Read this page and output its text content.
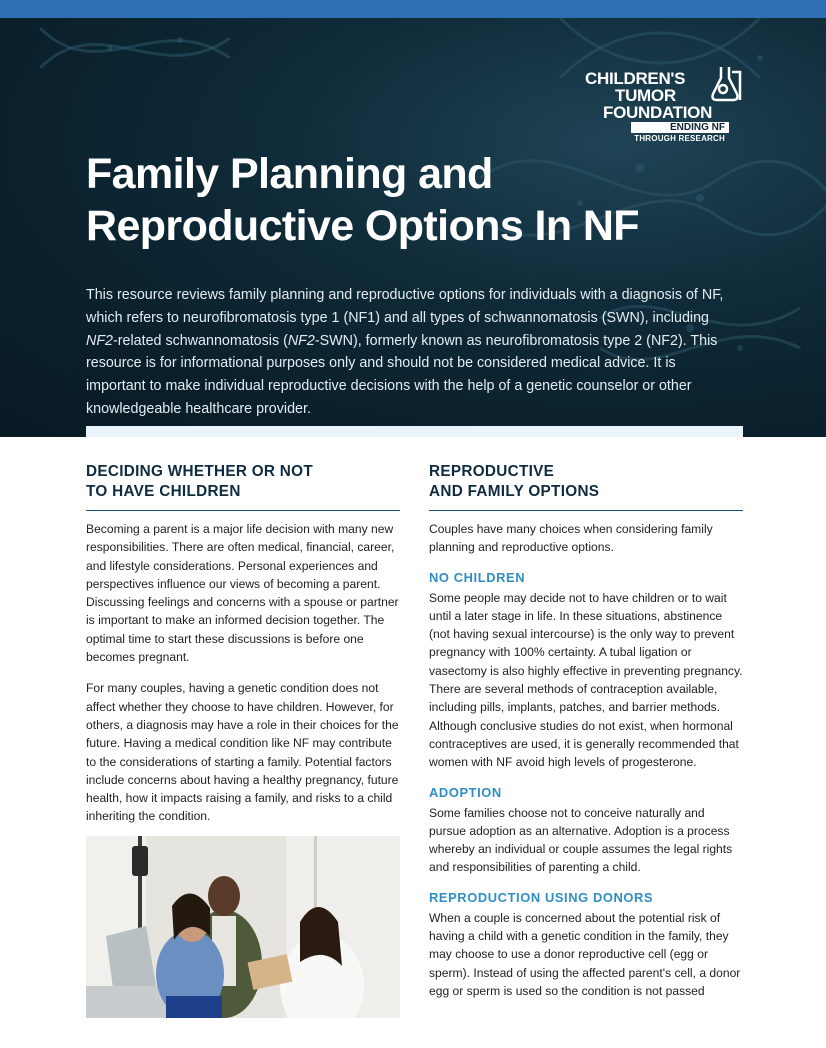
CHILDREN'S
TUMOR
FOUNDATION
ENDING NF
THROUGH RESEARCH
Family Planning and
Reproductive Options In NF

This resource reviews family planning and reproductive options for individuals with a diagnosis of NF, which refers to neurofibromatosis type 1 (NF1) and all types of schwannomatosis (SWN), including NF2-related schwannomatosis (NF2-SWN), formerly known as neurofibromatosis type 2 (NF2). This resource is for informational purposes only and should not be considered medical advice. It is important to make individual reproductive decisions with the help of a genetic counselor or other knowledgeable healthcare provider.

DECIDING WHETHER OR NOT
TO HAVE CHILDREN

Becoming a parent is a major life decision with many new responsibilities. There are often medical, financial, career, and lifestyle considerations. Personal experiences and perspectives influence our views of becoming a parent. Discussing feelings and concerns with a spouse or partner is important to make an informed decision together. The optimal time to start these discussions is before one becomes pregnant.

For many couples, having a genetic condition does not affect whether they choose to have children. However, for others, a diagnosis may have a role in their choices for the future. Having a medical condition like NF may contribute to the considerations of starting a family. Potential factors include concerns about having a healthy pregnancy, future health, how it impacts raising a family, and risks to a child inheriting the condition.

REPRODUCTIVE
AND FAMILY OPTIONS

Couples have many choices when considering family planning and reproductive options.

NO CHILDREN

Some people may decide not to have children or to wait until a later stage in life. In these situations, abstinence (not having sexual intercourse) is the only way to prevent pregnancy with 100% certainty. A tubal ligation or vasectomy is also highly effective in preventing pregnancy. There are several methods of contraception available, including pills, implants, patches, and barrier methods. Although conclusive studies do not exist, when hormonal contraceptives are used, it is generally recommended that women with NF avoid high levels of progesterone.

ADOPTION

Some families choose not to conceive naturally and pursue adoption as an alternative. Adoption is a process whereby an individual or couple assumes the legal rights and responsibilities of parenting a child.

REPRODUCTION USING DONORS

When a couple is concerned about the potential risk of having a child with a genetic condition in the family, they may choose to use a donor reproductive cell (egg or sperm). Instead of using the affected parent's cell, a donor egg or sperm is used so the condition is not passed
